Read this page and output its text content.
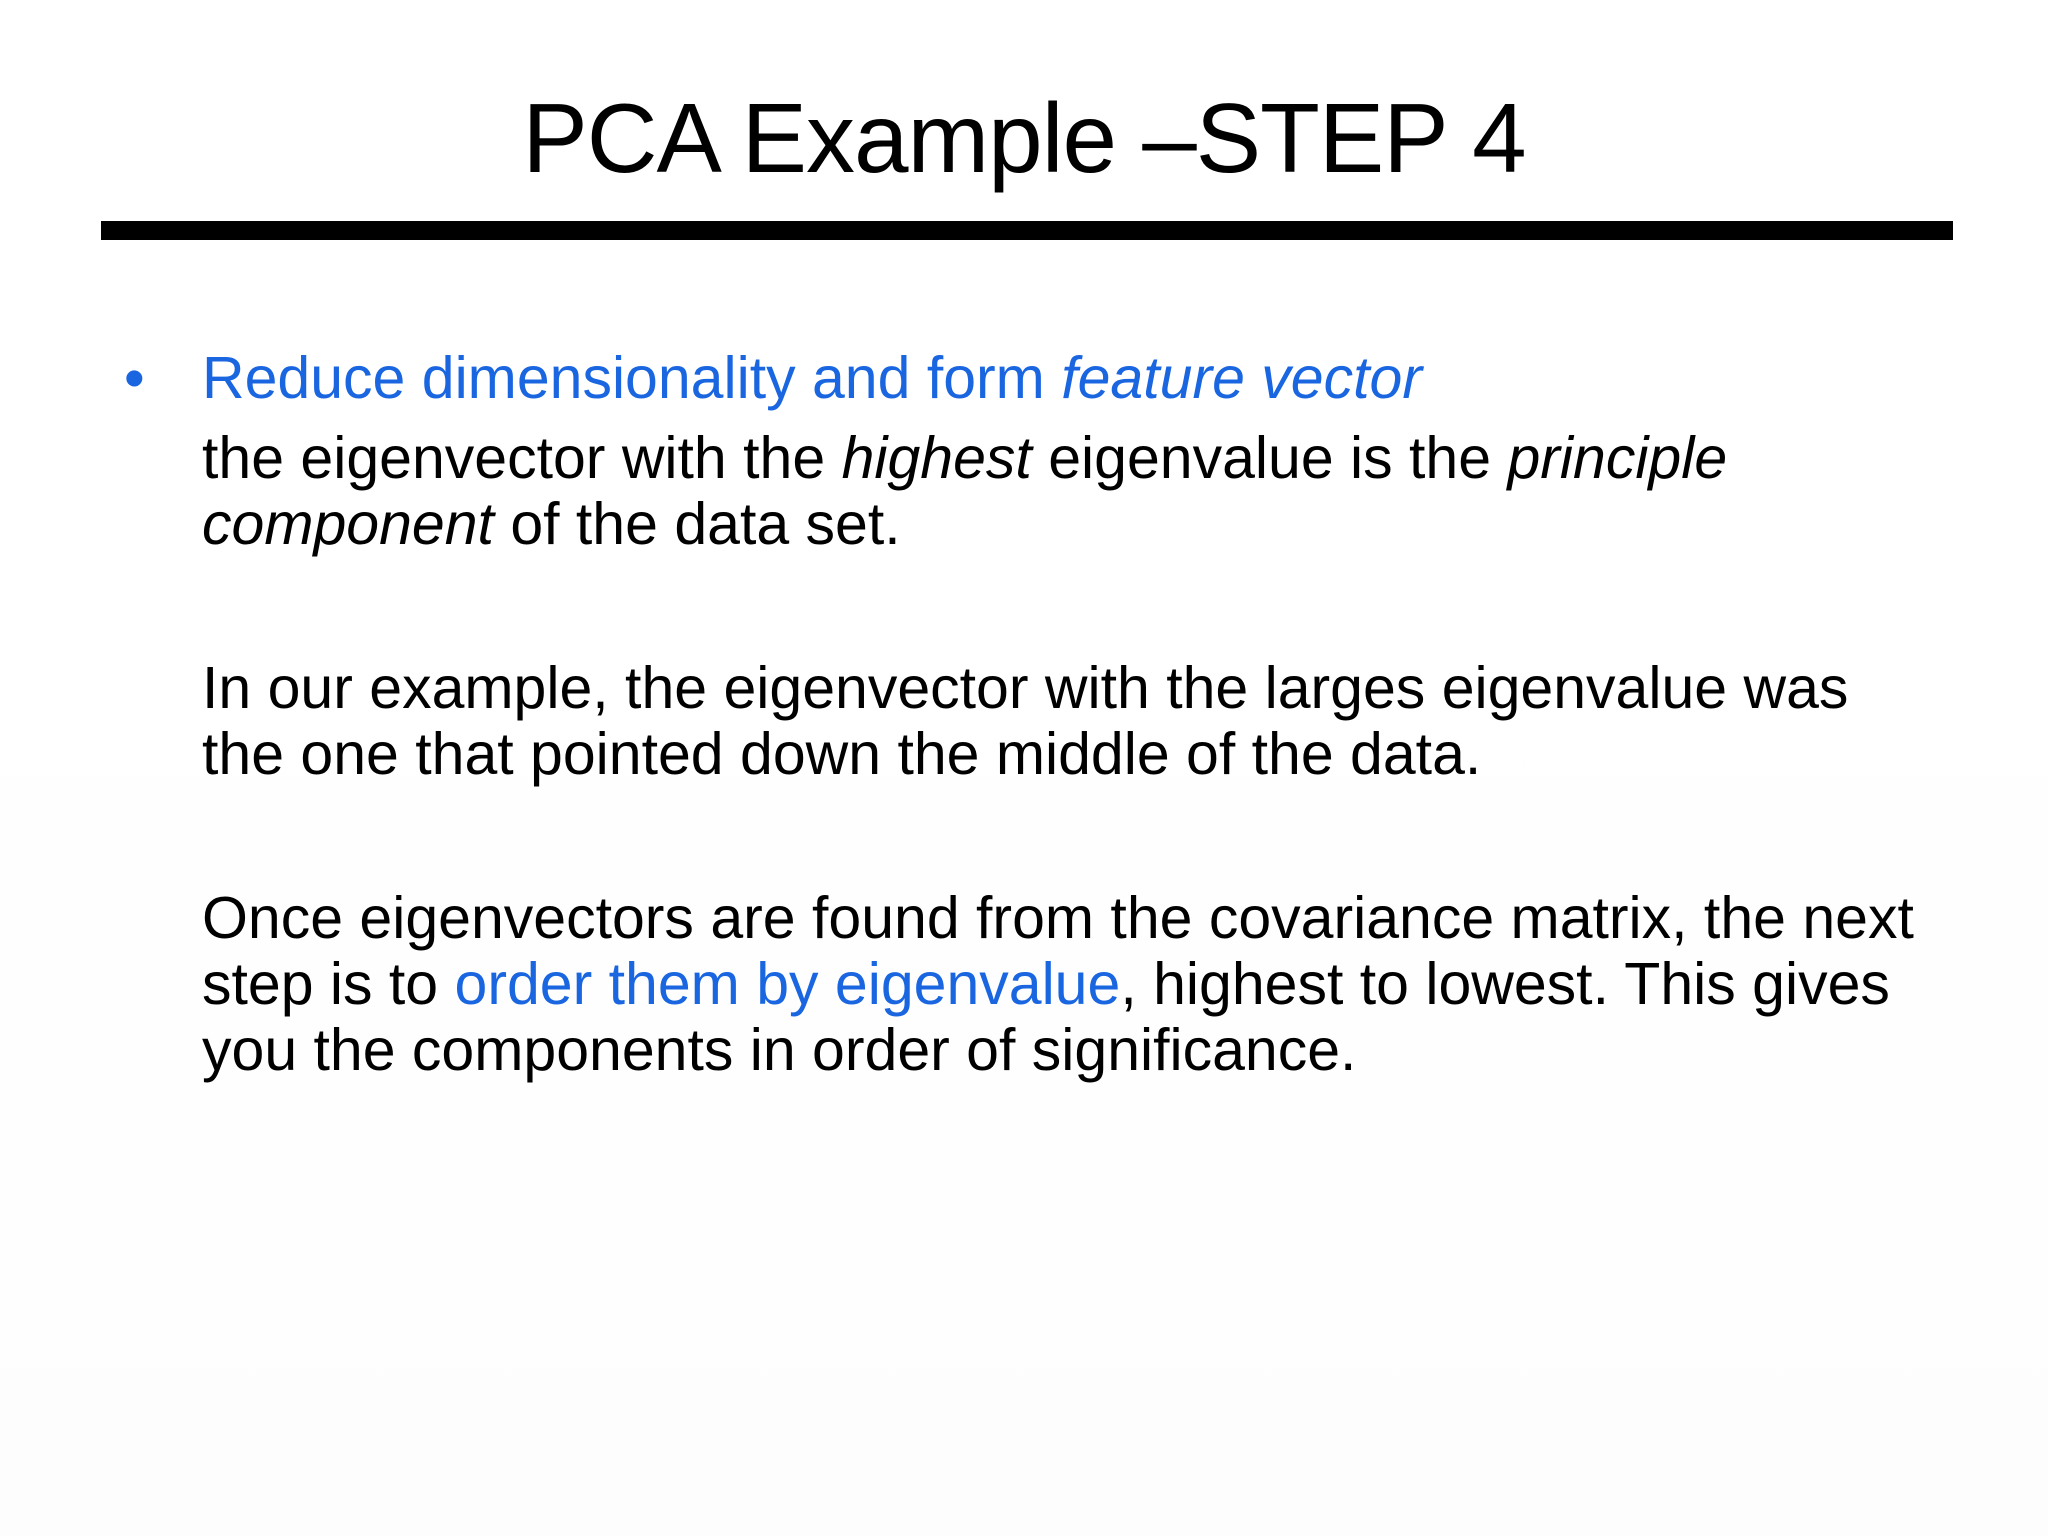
PCA Example –STEP 4
• Reduce dimensionality and form feature vector

the eigenvector with the highest eigenvalue is the principle component of the data set.

In our example, the eigenvector with the larges eigenvalue was the one that pointed down the middle of the data.

Once eigenvectors are found from the covariance matrix, the next step is to order them by eigenvalue, highest to lowest. This gives you the components in order of significance.
